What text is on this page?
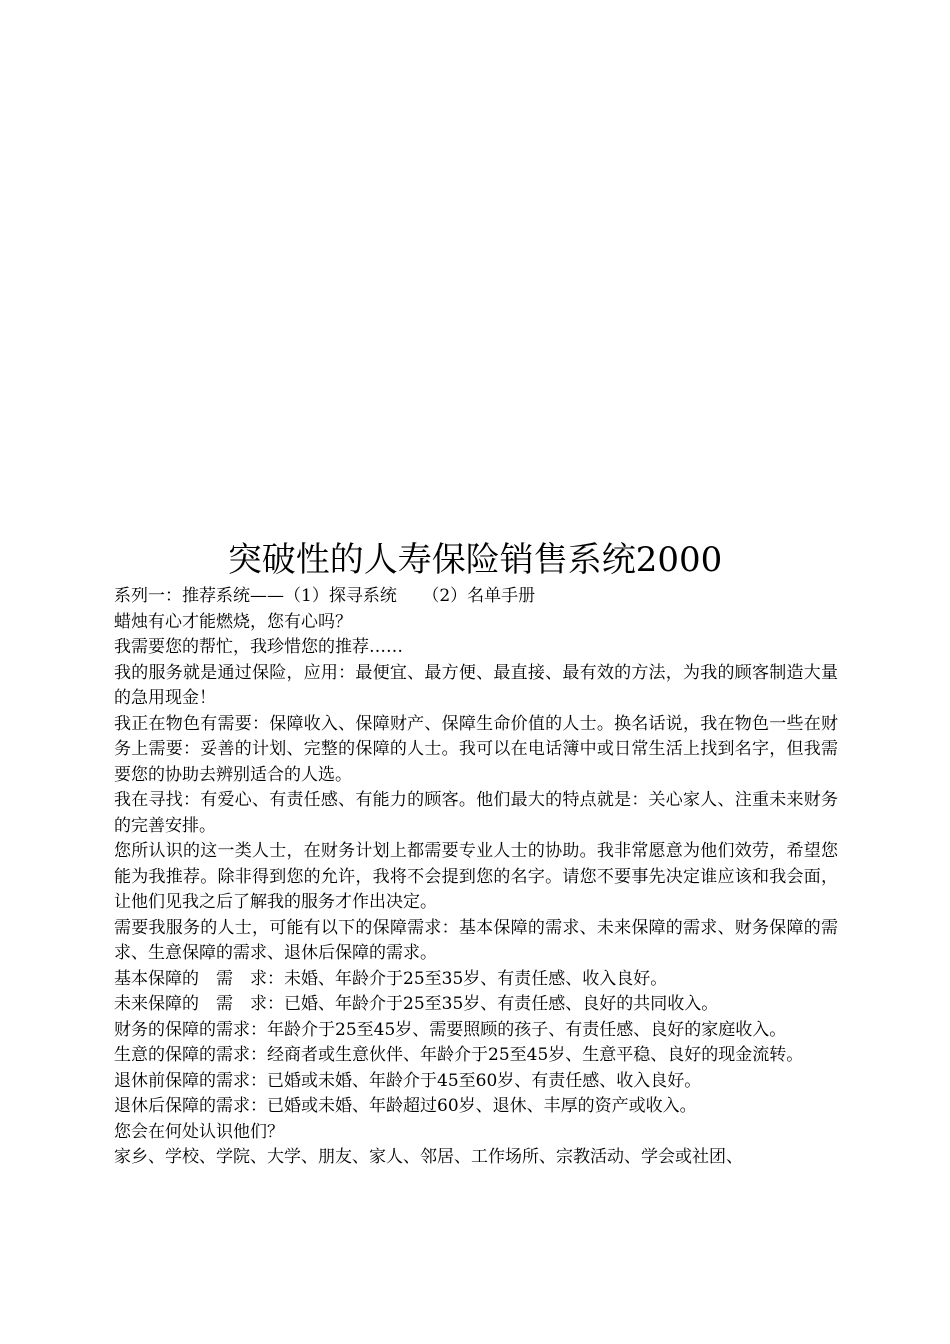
突破性的人寿保险销售系统2000

系列一：推荐系统——（1）探寻系统　　（2）名单手册

蜡烛有心才能燃烧，您有心吗？

我需要您的帮忙，我珍惜您的推荐……

我的服务就是通过保险，应用：最便宜、最方便、最直接、最有效的方法，为我的顾客制造大量的急用现金！

我正在物色有需要：保障收入、保障财产、保障生命价值的人士。换名话说，我在物色一些在财务上需要：妥善的计划、完整的保障的人士。我可以在电话簿中或日常生活上找到名字，但我需要您的协助去辨别适合的人选。

我在寻找：有爱心、有责任感、有能力的顾客。他们最大的特点就是：关心家人、注重未来财务的完善安排。

您所认识的这一类人士，在财务计划上都需要专业人士的协助。我非常愿意为他们效劳，希望您能为我推荐。除非得到您的允许，我将不会提到您的名字。请您不要事先决定谁应该和我会面，让他们见我之后了解我的服务才作出决定。

需要我服务的人士，可能有以下的保障需求：基本保障的需求、未来保障的需求、财务保障的需求、生意保障的需求、退休后保障的需求。

基本保障的　需　求：未婚、年龄介于25至35岁、有责任感、收入良好。

未来保障的　需　求：已婚、年龄介于25至35岁、有责任感、良好的共同收入。

财务的保障的需求：年龄介于25至45岁、需要照顾的孩子、有责任感、良好的家庭收入。

生意的保障的需求：经商者或生意伙伴、年龄介于25至45岁、生意平稳、良好的现金流转。

退休前保障的需求：已婚或未婚、年龄介于45至60岁、有责任感、收入良好。

退休后保障的需求：已婚或未婚、年龄超过60岁、退休、丰厚的资产或收入。

您会在何处认识他们？

家乡、学校、学院、大学、朋友、家人、邻居、工作场所、宗教活动、学会或社团、
